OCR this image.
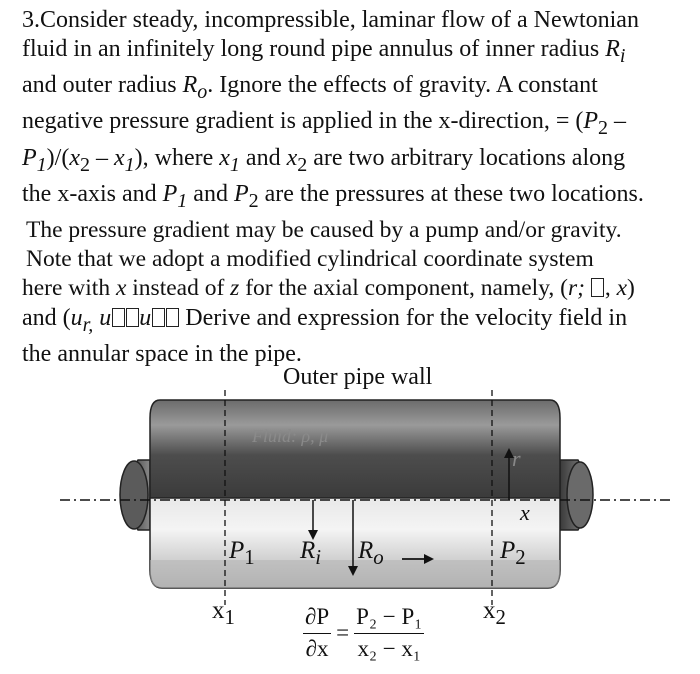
3.Consider steady, incompressible, laminar flow of a Newtonian
fluid in an infinitely long round pipe annulus of inner radius $R_i$
and outer radius $R_o$. Ignore the effects of gravity. A constant
negative pressure gradient is applied in the x-direction, = ($P_2$ –
$P_1)/(x_2 - x_1)$, where $x_1$ and $x_2$ are two arbitrary locations along
the x-axis and $P_1$ and $P_2$ are the pressures at these two locations.
The pressure gradient may be caused by a pump and/or gravity.
Note that we adopt a modified cylindrical coordinate system
here with x instead of z for the axial component, namely, (r; , x)
and ($u_{r,}$ u u Derive and expression for the velocity field in
the annular space in the pipe.
Fluid: ρ, μ
Outer pipe wall
$P_1$ $R_i$ $R_o$	$P_2$
x
r
$x_1$	$x_2$
$\frac{\partial P}{\partial x} = \frac{\text{P₂ − P₁}}{\text{x₂ − x₁}}$
